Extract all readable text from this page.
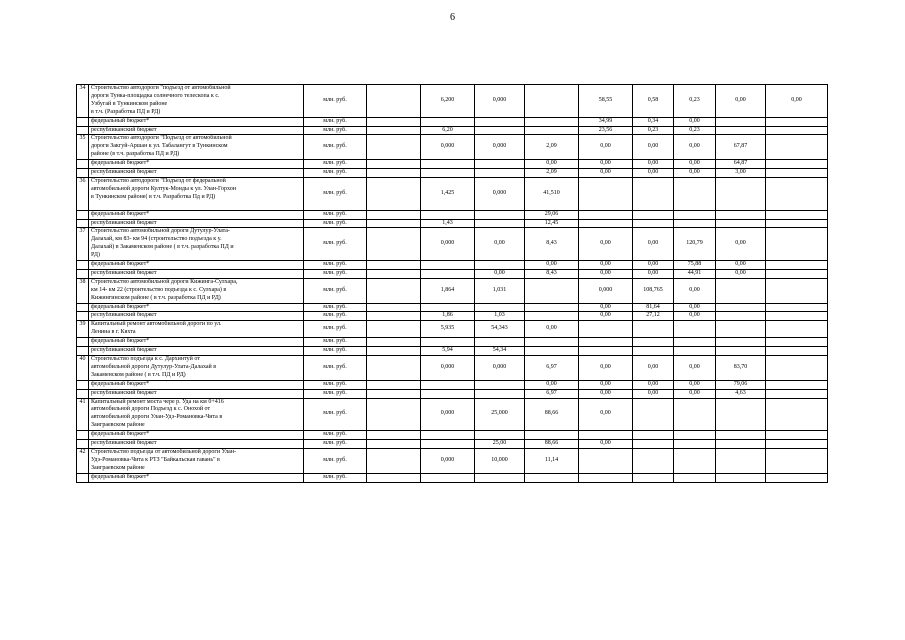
6
34	Строительство автодороги "подъезд от автомобильной
дороги Тунка-площадка солнечного телескопа к с.
Узбугай в Тункинском районе
в т.ч. (Разработка ПД и РД)	млн. руб.		6,200	0,000		58,55	0,58	0,23	0,00	0,00

	федеральный бюджет*	млн. руб.					34,99	0,34	0,00		

	республиканский бюджет	млн. руб.		6,20			23,56	0,23	0,23		
35	Строительство автодороги "Подъезд от автомобильной
дороги Закгуй-Аршан к ул. Табалангут в Тункинском
районе (в т.ч. разработка ПД и РД)	млн. руб.		0,000	0,000	2,09	0,00	0,00	0,00	67,87	

	федеральный бюджет*	млн. руб.				0,00	0,00	0,00	0,00	64,87	

	республиканский бюджет	млн. руб.				2,09	0,00	0,00	0,00	3,00	
36	Строительство автодороги "Подъезд от федеральной
автомобильной дороги Култук-Монды к ул. Улан-Горхон
в Тункинском районе( в т.ч. Разработка Пд и РД)	млн. руб.		1,425	0,000	41,510					

	федеральный бюджет*	млн. руб.				29,06					

	республиканский бюджет	млн. руб.		1,43		12,45					
37	Строительство автомобильной дороги Дутулур-Улата-
Далахай, км 83- км 94 (строительство подъезда к у.
Далахай) в Закаменском районе ( в т.ч. разработка ПД и
РД)	млн. руб.		0,000	0,00	8,43	0,00	0,00	120,79	0,00	

	федеральный бюджет*	млн. руб.				0,00	0,00	0,00	75,88	0,00	

	республиканский бюджет	млн. руб.			0,00	8,43	0,00	0,00	44,91	0,00	
38	Строительство автомобильной дороги Кижинга-Сулхара,
км 14- км 22 (строительство подъезда к с. Сулхара) в
Кижингинском районе ( в т.ч. разработка ПД и РД)	млн. руб.		1,864	1,031		0,000	108,765	0,00		

	федеральный бюджет*	млн. руб.					0,00	81,64	0,00		

	республиканский бюджет	млн. руб.		1,86	1,03		0,00	27,12	0,00		
39	Капитальный ремонт автомобильной дороги по ул.
Ленина в г. Кяхта	млн. руб.		5,935	54,343	0,00					

	федеральный бюджет*	млн. руб.									

	республиканский бюджет	млн. руб.		5,94	54,34						
40	Строительство подъезда к с. Дархинтуй от
автомобильной дороги Дутулур-Улата-Далахай в
Закаменском районе ( в т.ч. ПД и РД)	млн. руб.		0,000	0,000	6,97	0,00	0,00	0,00	83,70	

	федеральный бюджет*	млн. руб.				0,00	0,00	0,00	0,00	79,06	

	республиканский бюджет	млн. руб.				6,97	0,00	0,00	0,00	4,63	
41	Капитальный ремонт моста чере р. Уда на км 0+416
автомобильной дороги Подъезд к с. Онохой от
автомобильной дороги Улан-Удэ-Романовка-Чита в
Заиграевском районе	млн. руб.		0,000	25,000	88,66	0,00				

	федеральный бюджет*	млн. руб.									

	республиканский бюджет	млн. руб.			25,00	88,66	0,00				
42	Строительство подъезда от автомобильной дороги Улан-
Удэ-Романовка-Чита к РТЗ "Байкальская гавань" в
Заиграевском районе	млн. руб.		0,000	10,000	11,14					

	федеральный бюджет*	млн. руб.									
